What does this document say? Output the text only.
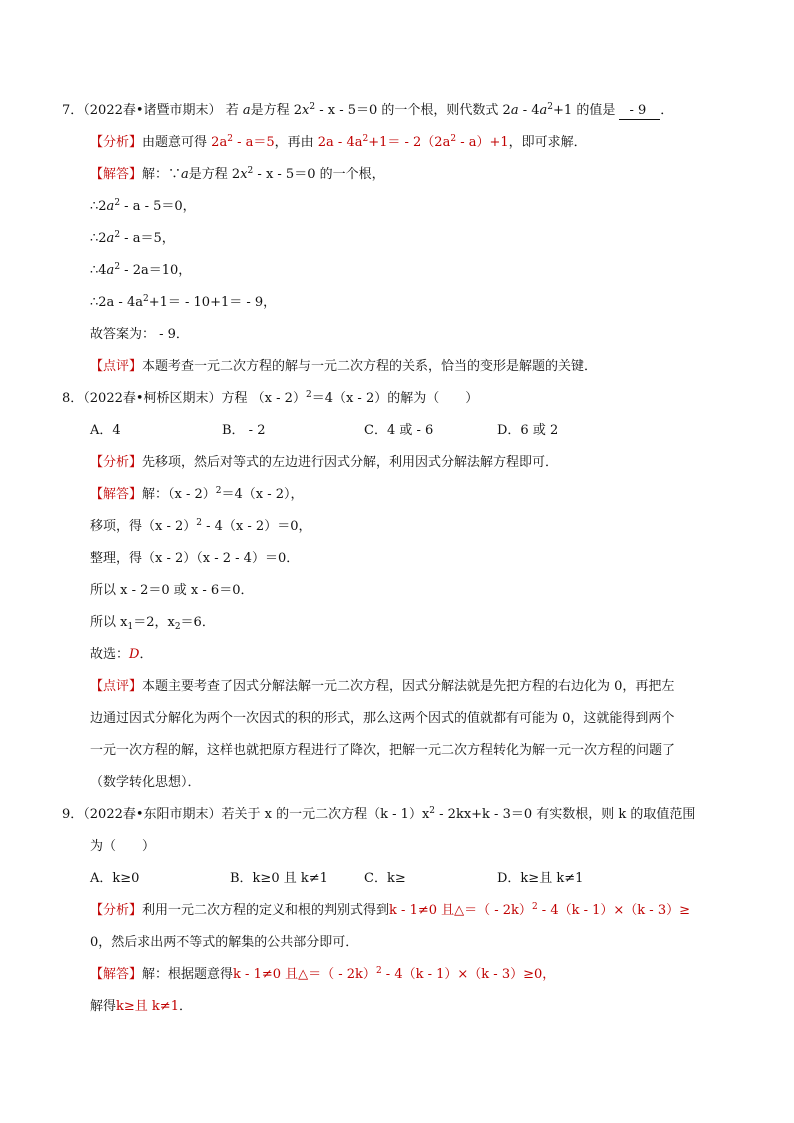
7．（2022春•诸暨市期末） 若 a是方程 $2x^2 - x - 5=0$ 的一个根，则代数式 $2a - 4a^2+1$ 的值是 - 9 ．
【分析】由题意可得 $2a^2 - a=5$，再由 $2a - 4a^2+1= - 2(2a^2 - a)+1$，即可求解．
【解答】解：∵a是方程 $2x^2 - x - 5=0$ 的一个根，
$\therefore 2a^2 - a - 5=0$，
$\therefore 2a^2 - a=5$，
$\therefore 4a^2 - 2a=10$，
∴2a - $4a^2+1= - 10+1= - 9$，
故答案为： - 9．
【点评】本题考查一元二次方程的解与一元二次方程的关系，恰当的变形是解题的关键．
8．（2022春•柯桥区期末）方程 （x - 2）$^2$＝4（x - 2）的解为（　　）
A．4	B． - 2	C．4 或 - 6	D．6 或 2
【分析】先移项，然后对等式的左边进行因式分解，利用因式分解法解方程即可．
【解答】解：（x - 2）$^2$＝4（x - 2），
移项，得（x - 2）$^2$ - 4（x - 2）＝0，
整理，得（x - 2）（x - 2 - 4）＝0．
所以 x - 2＝0 或 x - 6＝0．
所以 $x_1=2$，$x_2=6$．
故选：D．
【点评】本题主要考查了因式分解法解一元二次方程，因式分解法就是先把方程的右边化为 0，再把左
边通过因式分解化为两个一次因式的积的形式，那么这两个因式的值就都有可能为 0，这就能得到两个
一元一次方程的解，这样也就把原方程进行了降次，把解一元二次方程转化为解一元一次方程的问题了
（数学转化思想）．
9．（2022春•东阳市期末）若关于 x 的一元二次方程$(k - 1)x^2 - 2kx+k - 3=0$ 有实数根，则 k 的取值范围
为（　　）
A．k≥0	B．k≥0 且 k≠1	C．k≥	D．k≥且 k≠1
【分析】利用一元二次方程的定义和根的判别式得到k - 1≠0 且△＝（ - 2k）$^2$ - 4（k - 1）×（k - 3）≥
0，然后求出两不等式的解集的公共部分即可．
【解答】解：根据题意得k - 1≠0 且△＝（ - 2k）$^2$ - 4（k - 1）×（k - 3）≥0，
解得k≥且 k≠1．
